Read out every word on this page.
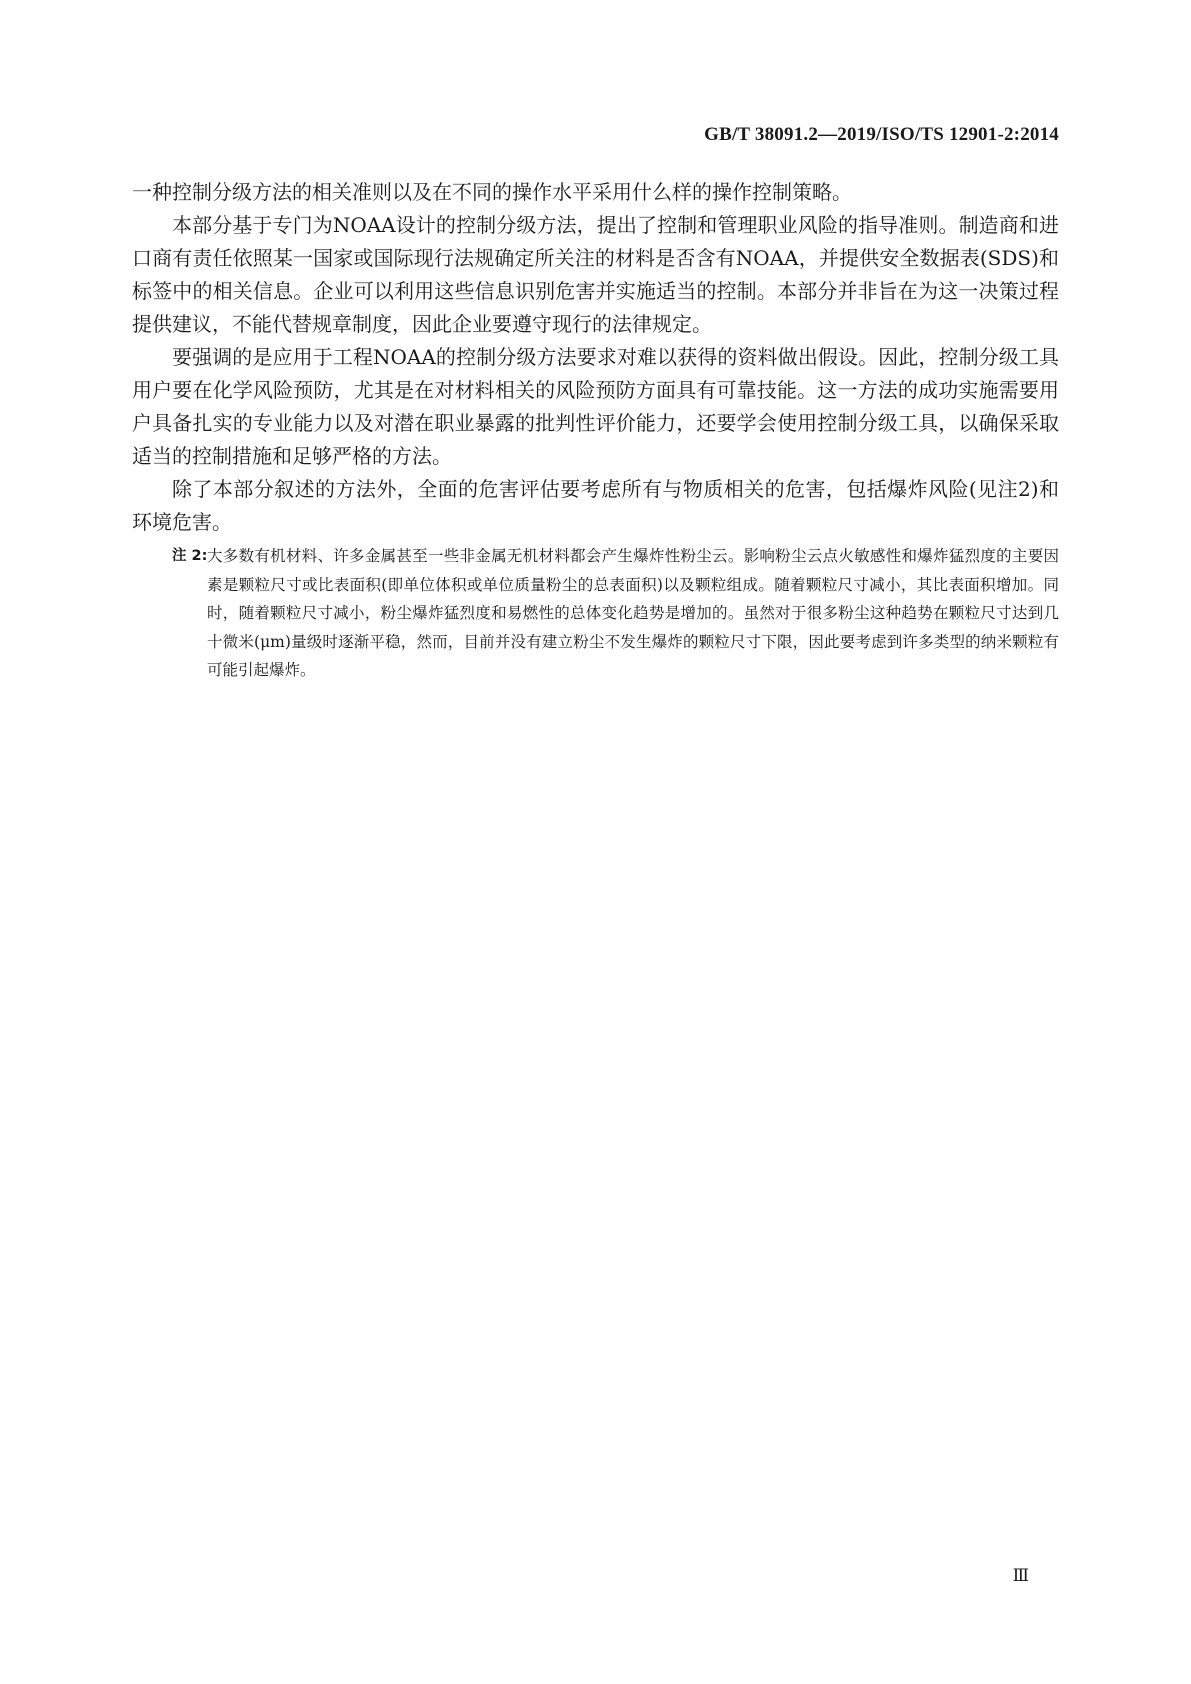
GB/T 38091.2—2019/ISO/TS 12901-2:2014

一种控制分级方法的相关准则以及在不同的操作水平采用什么样的操作控制策略。

本部分基于专门为NOAA设计的控制分级方法，提出了控制和管理职业风险的指导准则。制造商和进口商有责任依照某一国家或国际现行法规确定所关注的材料是否含有NOAA，并提供安全数据表(SDS)和标签中的相关信息。企业可以利用这些信息识别危害并实施适当的控制。本部分并非旨在为这一决策过程提供建议，不能代替规章制度，因此企业要遵守现行的法律规定。

要强调的是应用于工程NOAA的控制分级方法要求对难以获得的资料做出假设。因此，控制分级工具用户要在化学风险预防，尤其是在对材料相关的风险预防方面具有可靠技能。这一方法的成功实施需要用户具备扎实的专业能力以及对潜在职业暴露的批判性评价能力，还要学会使用控制分级工具，以确保采取适当的控制措施和足够严格的方法。

除了本部分叙述的方法外，全面的危害评估要考虑所有与物质相关的危害，包括爆炸风险(见注2)和环境危害。

注 2: 大多数有机材料、许多金属甚至一些非金属无机材料都会产生爆炸性粉尘云。影响粉尘云点火敏感性和爆炸猛烈度的主要因素是颗粒尺寸或比表面积(即单位体积或单位质量粉尘的总表面积)以及颗粒组成。随着颗粒尺寸减小，其比表面积增加。同时，随着颗粒尺寸减小，粉尘爆炸猛烈度和易燃性的总体变化趋势是增加的。虽然对于很多粉尘这种趋势在颗粒尺寸达到几十微米(μm)量级时逐渐平稳，然而，目前并没有建立粉尘不发生爆炸的颗粒尺寸下限，因此要考虑到许多类型的纳米颗粒有可能引起爆炸。
Ⅲ
